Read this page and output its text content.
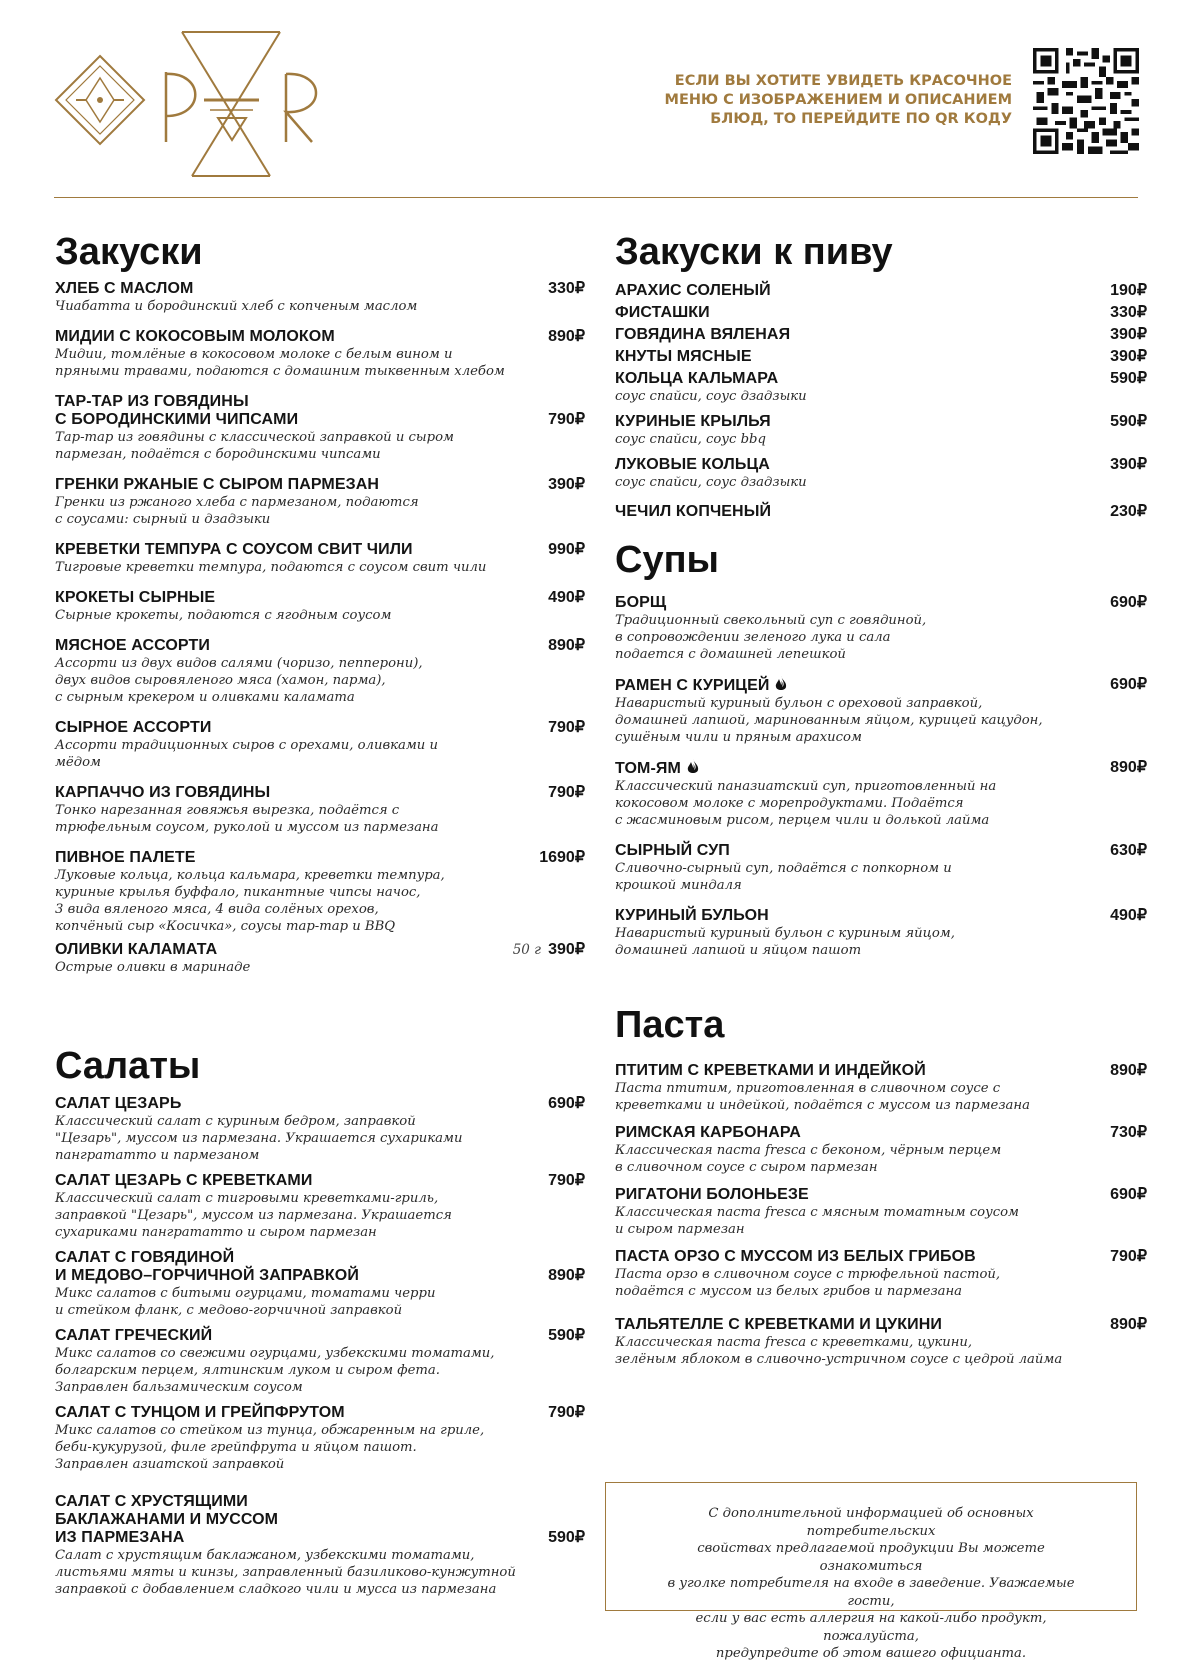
PAR
ЕСЛИ ВЫ ХОТИТЕ УВИДЕТЬ КРАСОЧНОЕ
МЕНЮ С ИЗОБРАЖЕНИЕМ И ОПИСАНИЕМ
БЛЮД, ТО ПЕРЕЙДИТЕ ПО QR КОДУ
Закуски
ХЛЕБ С МАСЛОМ	330₽
Чиабатта и бородинский хлеб с копченым маслом
МИДИИ С КОКОСОВЫМ МОЛОКОМ	890₽
Мидии, томлёные в кокосовом молоке с белым вином и
пряными травами, подаются с домашним тыквенным хлебом
ТАР-ТАР ИЗ ГОВЯДИНЫ
С БОРОДИНСКИМИ ЧИПСАМИ	790₽
Тар-тар из говядины с классической заправкой и сыром
пармезан, подаётся с бородинскими чипсами
ГРЕНКИ РЖАНЫЕ С СЫРОМ ПАРМЕЗАН	390₽
Гренки из ржаного хлеба с пармезаном, подаются
с соусами: сырный и дзадзыки
КРЕВЕТКИ ТЕМПУРА С СОУСОМ СВИТ ЧИЛИ	990₽
Тигровые креветки темпура, подаются с соусом свит чили
КРОКЕТЫ СЫРНЫЕ	490₽
Сырные крокеты, подаются с ягодным соусом
МЯСНОЕ АССОРТИ	890₽
Ассорти из двух видов салями (чоризо, пепперони),
двух видов сыровяленого мяса (хамон, парма),
с сырным крекером и оливками каламата
СЫРНОЕ АССОРТИ	790₽
Ассорти традиционных сыров с орехами, оливками и
мёдом
КАРПАЧЧО ИЗ ГОВЯДИНЫ	790₽
Тонко нарезанная говяжья вырезка, подаётся с
трюфельным соусом, руколой и муссом из пармезана
ПИВНОЕ ПАЛЕТЕ	1690₽
Луковые кольца, кольца кальмара, креветки темпура,
куриные крылья буффало, пикантные чипсы начос,
3 вида вяленого мяса, 4 вида солёных орехов,
копчёный сыр «Косичка», соусы тар-тар и BBQ
ОЛИВКИ КАЛАМАТА	390₽
50 г
Острые оливки в маринаде
Салаты
САЛАТ ЦЕЗАРЬ	690₽
Классический салат с куриным бедром, заправкой
"Цезарь", муссом из пармезана. Украшается сухариками
пангрататто и пармезаном
САЛАТ ЦЕЗАРЬ С КРЕВЕТКАМИ	790₽
Классический салат с тигровыми креветками-гриль,
заправкой "Цезарь", муссом из пармезана. Украшается
сухариками пангрататто и сыром пармезан
САЛАТ С ГОВЯДИНОЙ
И МЕДОВО–ГОРЧИЧНОЙ ЗАПРАВКОЙ	890₽
Микс салатов с битыми огурцами, томатами черри
и стейком фланк, с медово-горчичной заправкой
САЛАТ ГРЕЧЕСКИЙ	590₽
Микс салатов со свежими огурцами, узбекскими томатами,
болгарским перцем, ялтинским луком и сыром фета.
Заправлен бальзамическим соусом
САЛАТ С ТУНЦОМ И ГРЕЙПФРУТОМ	790₽
Микс салатов со стейком из тунца, обжаренным на гриле,
беби-кукурузой, филе грейпфрута и яйцом пашот.
Заправлен азиатской заправкой
САЛАТ С ХРУСТЯЩИМИ
БАКЛАЖАНАМИ И МУССОМ
ИЗ ПАРМЕЗАНА	590₽
Салат с хрустящим баклажаном, узбекскими томатами,
листьями мяты и кинзы, заправленный базиликово-кунжутной
заправкой с добавлением сладкого чили и мусса из пармезана
Закуски к пиву
АРАХИС СОЛЕНЫЙ	190₽
ФИСТАШКИ	330₽
ГОВЯДИНА ВЯЛЕНАЯ	390₽
КНУТЫ МЯСНЫЕ	390₽
КОЛЬЦА КАЛЬМАРА	590₽
соус спайси, соус дзадзыки
КУРИНЫЕ КРЫЛЬЯ	590₽
соус спайси, соус bbq
ЛУКОВЫЕ КОЛЬЦА	390₽
соус спайси, соус дзадзыки
ЧЕЧИЛ КОПЧЕНЫЙ	230₽
Супы
БОРЩ	690₽
Традиционный свекольный суп с говядиной,
в сопровождении зеленого лука и сала
подается с домашней лепешкой
РАМЕН С КУРИЦЕЙ	690₽
Наваристый куриный бульон с ореховой заправкой,
домашней лапшой, маринованным яйцом, курицей кацудон,
сушёным чили и пряным арахисом
ТОМ-ЯМ	890₽
Классический паназиатский суп, приготовленный на
кокосовом молоке с морепродуктами. Подаётся
с жасминовым рисом, перцем чили и долькой лайма
СЫРНЫЙ СУП	630₽
Сливочно-сырный суп, подаётся с попкорном и
крошкой миндаля
КУРИНЫЙ БУЛЬОН	490₽
Наваристый куриный бульон с куриным яйцом,
домашней лапшой и яйцом пашот
Паста
ПТИТИМ С КРЕВЕТКАМИ И ИНДЕЙКОЙ	890₽
Паста птитим, приготовленная в сливочном соусе с
креветками и индейкой, подаётся с муссом из пармезана
РИМСКАЯ КАРБОНАРА	730₽
Классическая паста fresca с беконом, чёрным перцем
в сливочном соусе с сыром пармезан
РИГАТОНИ БОЛОНЬЕЗЕ	690₽
Классическая паста fresca с мясным томатным соусом
и сыром пармезан
ПАСТА ОРЗО С МУССОМ ИЗ БЕЛЫХ ГРИБОВ	790₽
Паста орзо в сливочном соусе с трюфельной пастой,
подаётся с муссом из белых грибов и пармезана
ТАЛЬЯТЕЛЛЕ С КРЕВЕТКАМИ И ЦУКИНИ	890₽
Классическая паста fresca с креветками, цукини,
зелёным яблоком в сливочно-устричном соусе с цедрой лайма

С дополнительной информацией об основных потребительских
свойствах предлагаемой продукции Вы можете ознакомиться
в уголке потребителя на входе в заведение. Уважаемые гости,
если у вас есть аллергия на какой-либо продукт, пожалуйста,
предупредите об этом вашего официанта.
